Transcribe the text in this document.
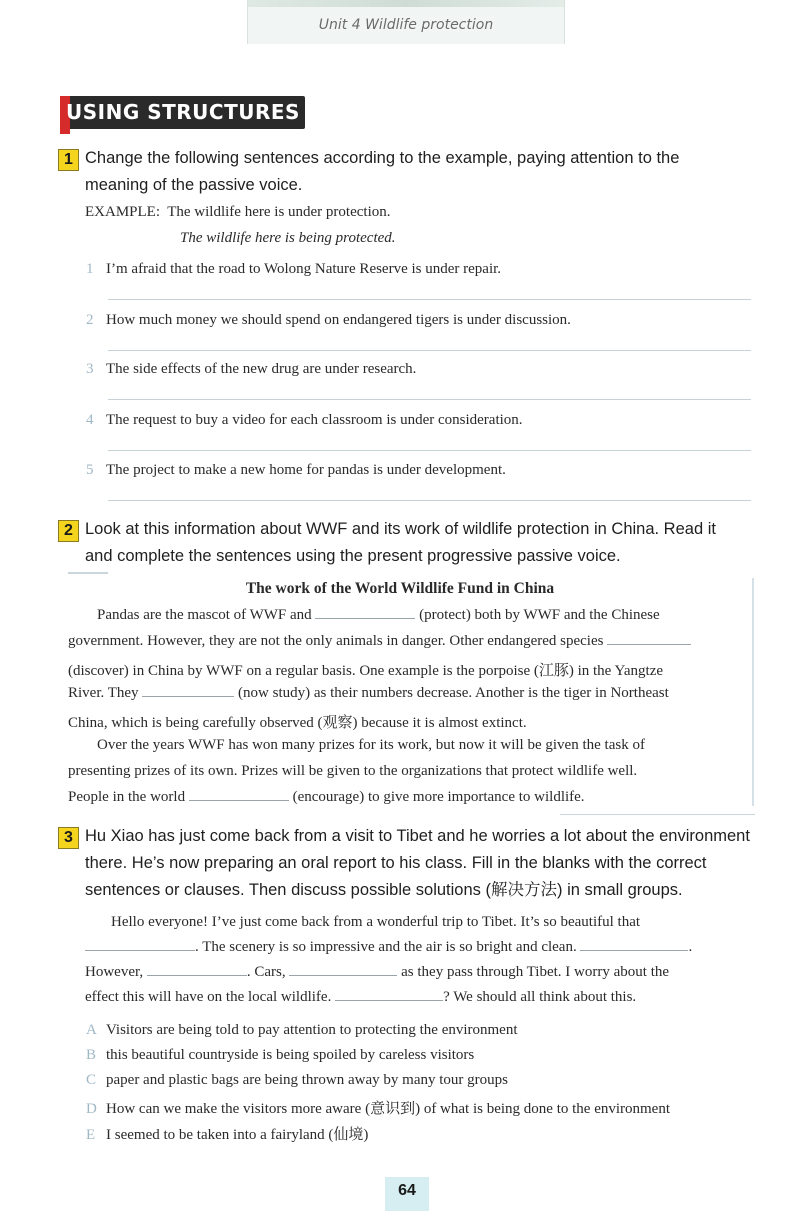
Unit 4 Wildlife protection
USING STRUCTURES
1 Change the following sentences according to the example, paying attention to the
meaning of the passive voice.
EXAMPLE: The wildlife here is under protection.
The wildlife here is being protected.
1 I’m afraid that the road to Wolong Nature Reserve is under repair.
2 How much money we should spend on endangered tigers is under discussion.
3 The side effects of the new drug are under research.
4 The request to buy a video for each classroom is under consideration.
5 The project to make a new home for pandas is under development.
2 Look at this information about WWF and its work of wildlife protection in China. Read it
and complete the sentences using the present progressive passive voice.
The work of the World Wildlife Fund in China
Pandas are the mascot of WWF and	(protect) both by WWF and the Chinese
government. However, they are not the only animals in danger. Other endangered species
(discover) in China by WWF on a regular basis. One example is the porpoise (江豚) in the Yangtze
River. They	(now study) as their numbers decrease. Another is the tiger in Northeast
China, which is being carefully observed (观察) because it is almost extinct.
Over the years WWF has won many prizes for its work, but now it will be given the task of
presenting prizes of its own. Prizes will be given to the organizations that protect wildlife well.
People in the world	(encourage) to give more importance to wildlife.
3 Hu Xiao has just come back from a visit to Tibet and he worries a lot about the environment
there. He’s now preparing an oral report to his class. Fill in the blanks with the correct
sentences or clauses. Then discuss possible solutions (解决方法) in small groups.
Hello everyone! I’ve just come back from a wonderful trip to Tibet. It’s so beautiful that
. The scenery is so impressive and the air is so bright and clean.	.
However,	. Cars,	as they pass through Tibet. I worry about the
effect this will have on the local wildlife.	? We should all think about this.
A Visitors are being told to pay attention to protecting the environment
B this beautiful countryside is being spoiled by careless visitors
C paper and plastic bags are being thrown away by many tour groups
D How can we make the visitors more aware (意识到) of what is being done to the environment
E I seemed to be taken into a fairyland (仙境)
64
